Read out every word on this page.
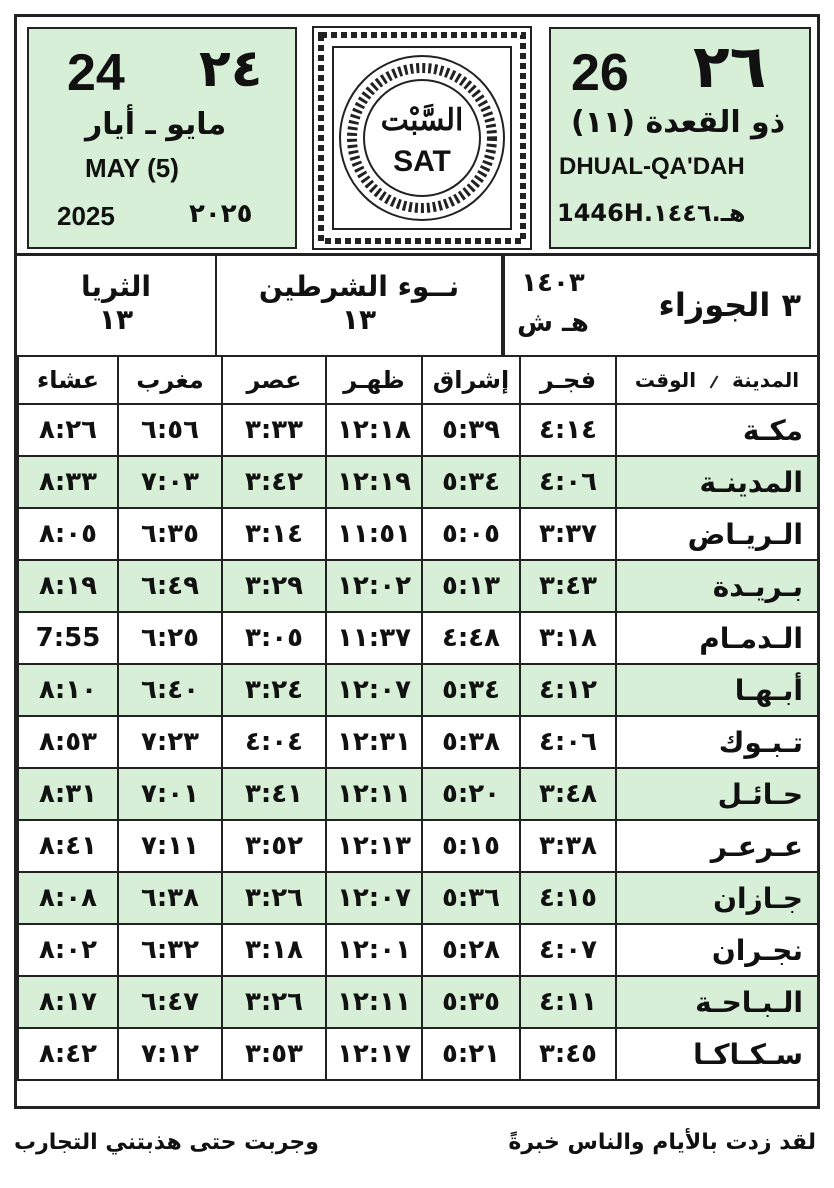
24 ٢٤
مايو ـ أيار
MAY (5)
2025	٢٠٢٥
السَّبْت
SAT
26 ٢٦
ذو القعدة (١١)
DHUAL-QA'DAH
1446H.هـ.١٤٤٦
الثريا
١٣
نــوء الشرطين
١٣
١٤٠٣
هـ ش ٣ الجوزاء
المدينة  الوقت	فجـر	إشراق	ظهـر	عصر	مغرب	عشاء
مكـة	٤:١٤	٥:٣٩	١٢:١٨	٣:٣٣	٦:٥٦	٨:٢٦
المدينـة	٤:٠٦	٥:٣٤	١٢:١٩	٣:٤٢	٧:٠٣	٨:٣٣
الـريـاض	٣:٣٧	٥:٠٥	١١:٥١	٣:١٤	٦:٣٥	٨:٠٥
بـريـدة	٣:٤٣	٥:١٣	١٢:٠٢	٣:٢٩	٦:٤٩	٨:١٩
الـدمـام	٣:١٨	٤:٤٨	١١:٣٧	٣:٠٥	٦:٢٥	7:55
أبـهـا	٤:١٢	٥:٣٤	١٢:٠٧	٣:٢٤	٦:٤٠	٨:١٠
تـبـوك	٤:٠٦	٥:٣٨	١٢:٣١	٤:٠٤	٧:٢٣	٨:٥٣
حـائـل	٣:٤٨	٥:٢٠	١٢:١١	٣:٤١	٧:٠١	٨:٣١
عـرعـر	٣:٣٨	٥:١٥	١٢:١٣	٣:٥٢	٧:١١	٨:٤١
جـازان	٤:١٥	٥:٣٦	١٢:٠٧	٣:٢٦	٦:٣٨	٨:٠٨
نجـران	٤:٠٧	٥:٢٨	١٢:٠١	٣:١٨	٦:٣٢	٨:٠٢
الـبـاحـة	٤:١١	٥:٣٥	١٢:١١	٣:٢٦	٦:٤٧	٨:١٧
سـكـاكـا	٣:٤٥	٥:٢١	١٢:١٧	٣:٥٣	٧:١٢	٨:٤٢
لقد زدت بالأيام والناس خبرةً
وجربت حتى هذبتني التجارب
